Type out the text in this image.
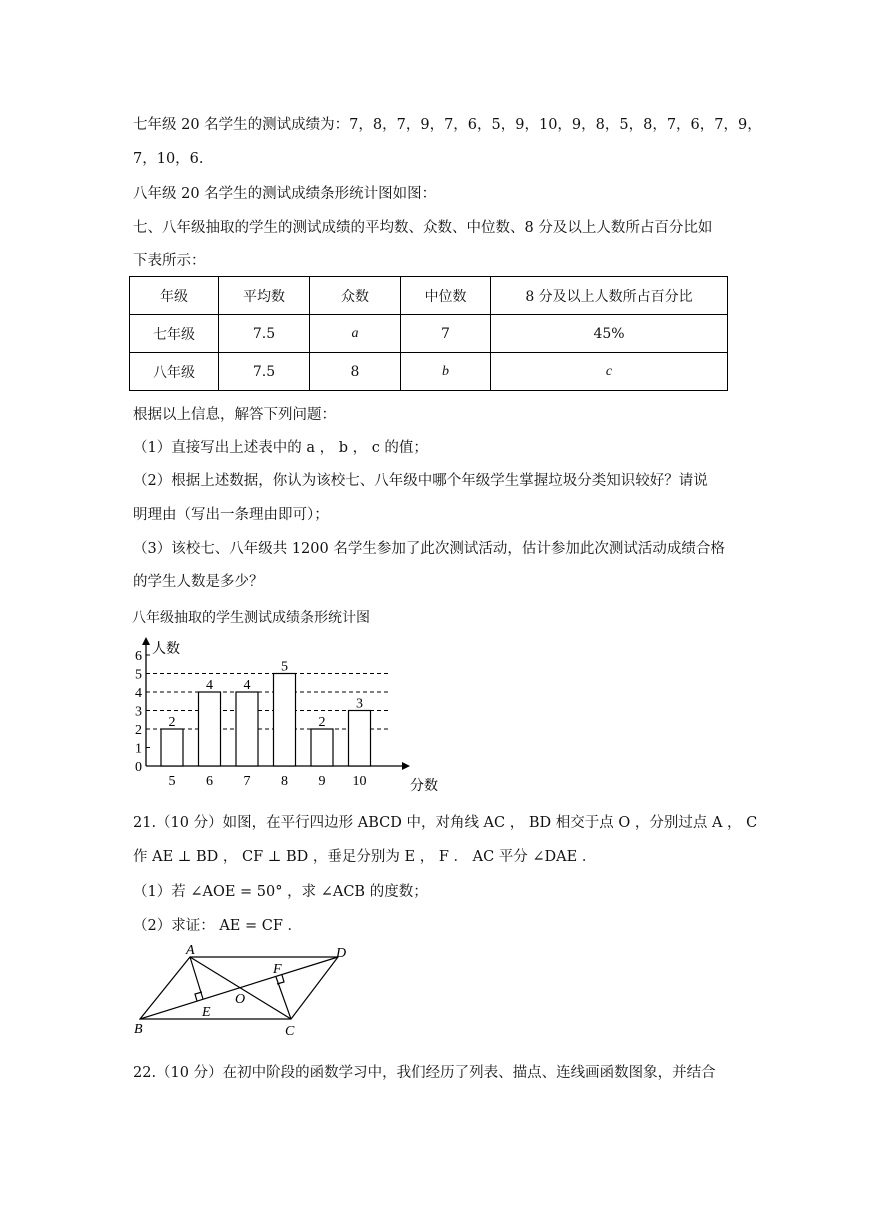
七年级 20 名学生的测试成绩为：7，8，7，9，7，6，5，9，10，9，8，5，8，7，6，7，9，
7，10，6.
八年级 20 名学生的测试成绩条形统计图如图：
七、八年级抽取的学生的测试成绩的平均数、众数、中位数、8 分及以上人数所占百分比如
下表所示：
年级	平均数	众数	中位数	8 分及以上人数所占百分比
七年级	7.5	a	7	45%
八年级	7.5	8	b	c
根据以上信息，解答下列问题：
（1）直接写出上述表中的 a ， b ， c 的值；
（2）根据上述数据，你认为该校七、八年级中哪个年级学生掌握垃圾分类知识较好？请说
明理由（写出一条理由即可）；
（3）该校七、八年级共 1200 名学生参加了此次测试活动，估计参加此次测试活动成绩合格
的学生人数是多少？
八年级抽取的学生测试成绩条形统计图
0
1
2
3
4
5
6 人数
分数
2
5
4
6
4
7
5
8
2
9
3
10
21.（10 分）如图，在平行四边形 ABCD 中，对角线 AC ， BD 相交于点 O ，分别过点 A ， C
作 AE ⊥ BD ， CF ⊥ BD ，垂足分别为 E ， F ． AC 平分 ∠DAE ．
（1）若 ∠AOE = 50° ，求 ∠ACB 的度数；
（2）求证： AE = CF ．
A	D
B	C
E
F
O
22.（10 分）在初中阶段的函数学习中，我们经历了列表、描点、连线画函数图象，并结合
